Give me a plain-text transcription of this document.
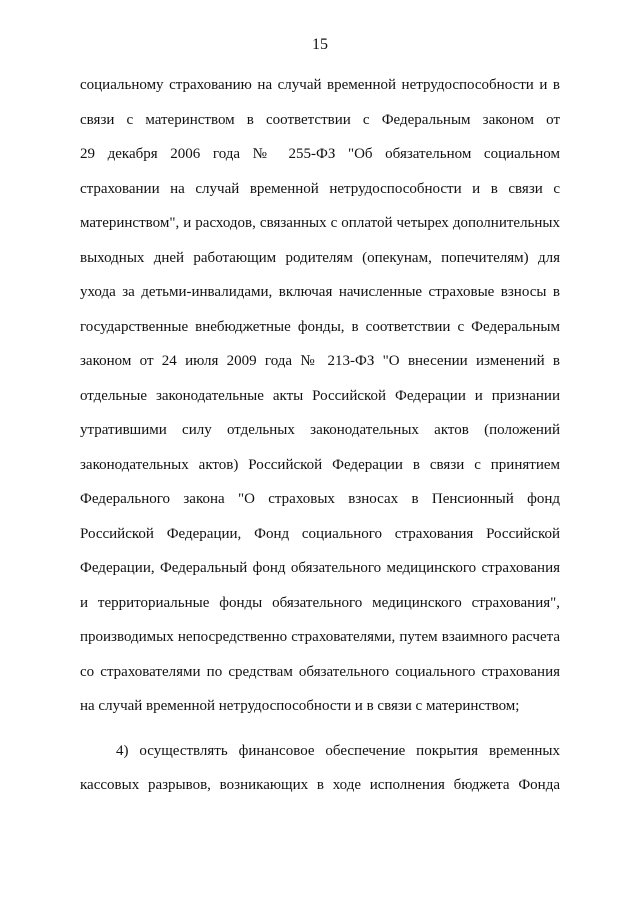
15
социальному страхованию на случай временной нетрудоспособности и в
связи с материнством в соответствии с Федеральным законом от
29 декабря 2006 года № 255-ФЗ "Об обязательном социальном
страховании на случай временной нетрудоспособности и в связи с
материнством", и расходов, связанных с оплатой четырех дополнительных
выходных дней работающим родителям (опекунам, попечителям) для
ухода за детьми-инвалидами, включая начисленные страховые взносы в
государственные внебюджетные фонды, в соответствии с Федеральным
законом от 24 июля 2009 года № 213-ФЗ "О внесении изменений в
отдельные законодательные акты Российской Федерации и признании
утратившими силу отдельных законодательных актов (положений
законодательных актов) Российской Федерации в связи с принятием
Федерального закона "О страховых взносах в Пенсионный фонд
Российской Федерации, Фонд социального страхования Российской
Федерации, Федеральный фонд обязательного медицинского страхования
и территориальные фонды обязательного медицинского страхования",
производимых непосредственно страхователями, путем взаимного расчета
со страхователями по средствам обязательного социального страхования
на случай временной нетрудоспособности и в связи с материнством;
4) осуществлять финансовое обеспечение покрытия временных
кассовых разрывов, возникающих в ходе исполнения бюджета Фонда
